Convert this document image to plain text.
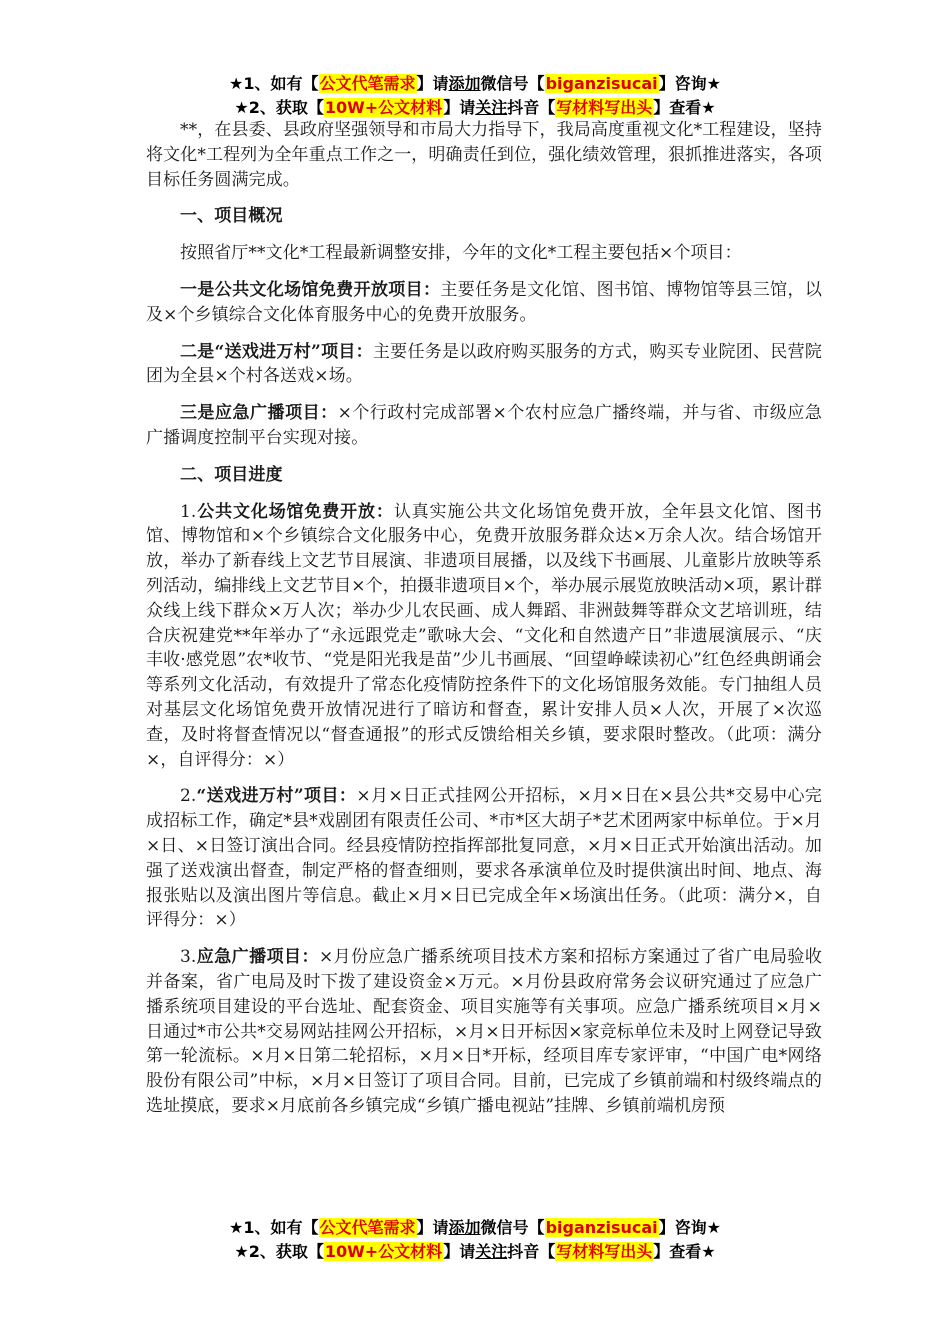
★1、如有【公文代笔需求】请添加微信号【biganzisucai】咨询★
★2、获取【10W+公文材料】请关注抖音【写材料写出头】查看★

**，在县委、县政府坚强领导和市局大力指导下，我局高度重视文化*工程建设，坚持将文化*工程列为全年重点工作之一，明确责任到位，强化绩效管理，狠抓推进落实，各项目标任务圆满完成。

一、项目概况

按照省厅**文化*工程最新调整安排，今年的文化*工程主要包括×个项目：

一是公共文化场馆免费开放项目：主要任务是文化馆、图书馆、博物馆等县三馆，以及×个乡镇综合文化体育服务中心的免费开放服务。

二是“送戏进万村”项目：主要任务是以政府购买服务的方式，购买专业院团、民营院团为全县×个村各送戏×场。

三是应急广播项目：×个行政村完成部署×个农村应急广播终端，并与省、市级应急广播调度控制平台实现对接。

二、项目进度

1.公共文化场馆免费开放：认真实施公共文化场馆免费开放，全年县文化馆、图书馆、博物馆和×个乡镇综合文化服务中心，免费开放服务群众达×万余人次。结合场馆开放，举办了新春线上文艺节目展演、非遗项目展播，以及线下书画展、儿童影片放映等系列活动，编排线上文艺节目×个，拍摄非遗项目×个，举办展示展览放映活动×项，累计群众线上线下群众×万人次；举办少儿农民画、成人舞蹈、非洲鼓舞等群众文艺培训班，结合庆祝建党**年举办了“永远跟党走”歌咏大会、“文化和自然遗产日”非遗展演展示、“庆丰收·感党恩”农*收节、“党是阳光我是苗”少儿书画展、“回望峥嵘读初心”红色经典朗诵会等系列文化活动，有效提升了常态化疫情防控条件下的文化场馆服务效能。专门抽组人员对基层文化场馆免费开放情况进行了暗访和督查，累计安排人员×人次，开展了×次巡查，及时将督查情况以“督查通报”的形式反馈给相关乡镇，要求限时整改。（此项：满分×，自评得分：×）

2.“送戏进万村”项目：×月×日正式挂网公开招标，×月×日在×县公共*交易中心完成招标工作，确定*县*戏剧团有限责任公司、*市*区大胡子*艺术团两家中标单位。于×月×日、×日签订演出合同。经县疫情防控指挥部批复同意，×月×日正式开始演出活动。加强了送戏演出督查，制定严格的督查细则，要求各承演单位及时提供演出时间、地点、海报张贴以及演出图片等信息。截止×月×日已完成全年×场演出任务。（此项：满分×，自评得分：×）

3.应急广播项目：×月份应急广播系统项目技术方案和招标方案通过了省广电局验收并备案，省广电局及时下拨了建设资金×万元。×月份县政府常务会议研究通过了应急广播系统项目建设的平台选址、配套资金、项目实施等有关事项。应急广播系统项目×月×日通过*市公共*交易网站挂网公开招标，×月×日开标因×家竞标单位未及时上网登记导致第一轮流标。×月×日第二轮招标，×月×日*开标，经项目库专家评审，“中国广电*网络股份有限公司”中标，×月×日签订了项目合同。目前，已完成了乡镇前端和村级终端点的选址摸底，要求×月底前各乡镇完成“乡镇广播电视站”挂牌、乡镇前端机房预

★1、如有【公文代笔需求】请添加微信号【biganzisucai】咨询★
★2、获取【10W+公文材料】请关注抖音【写材料写出头】查看★
